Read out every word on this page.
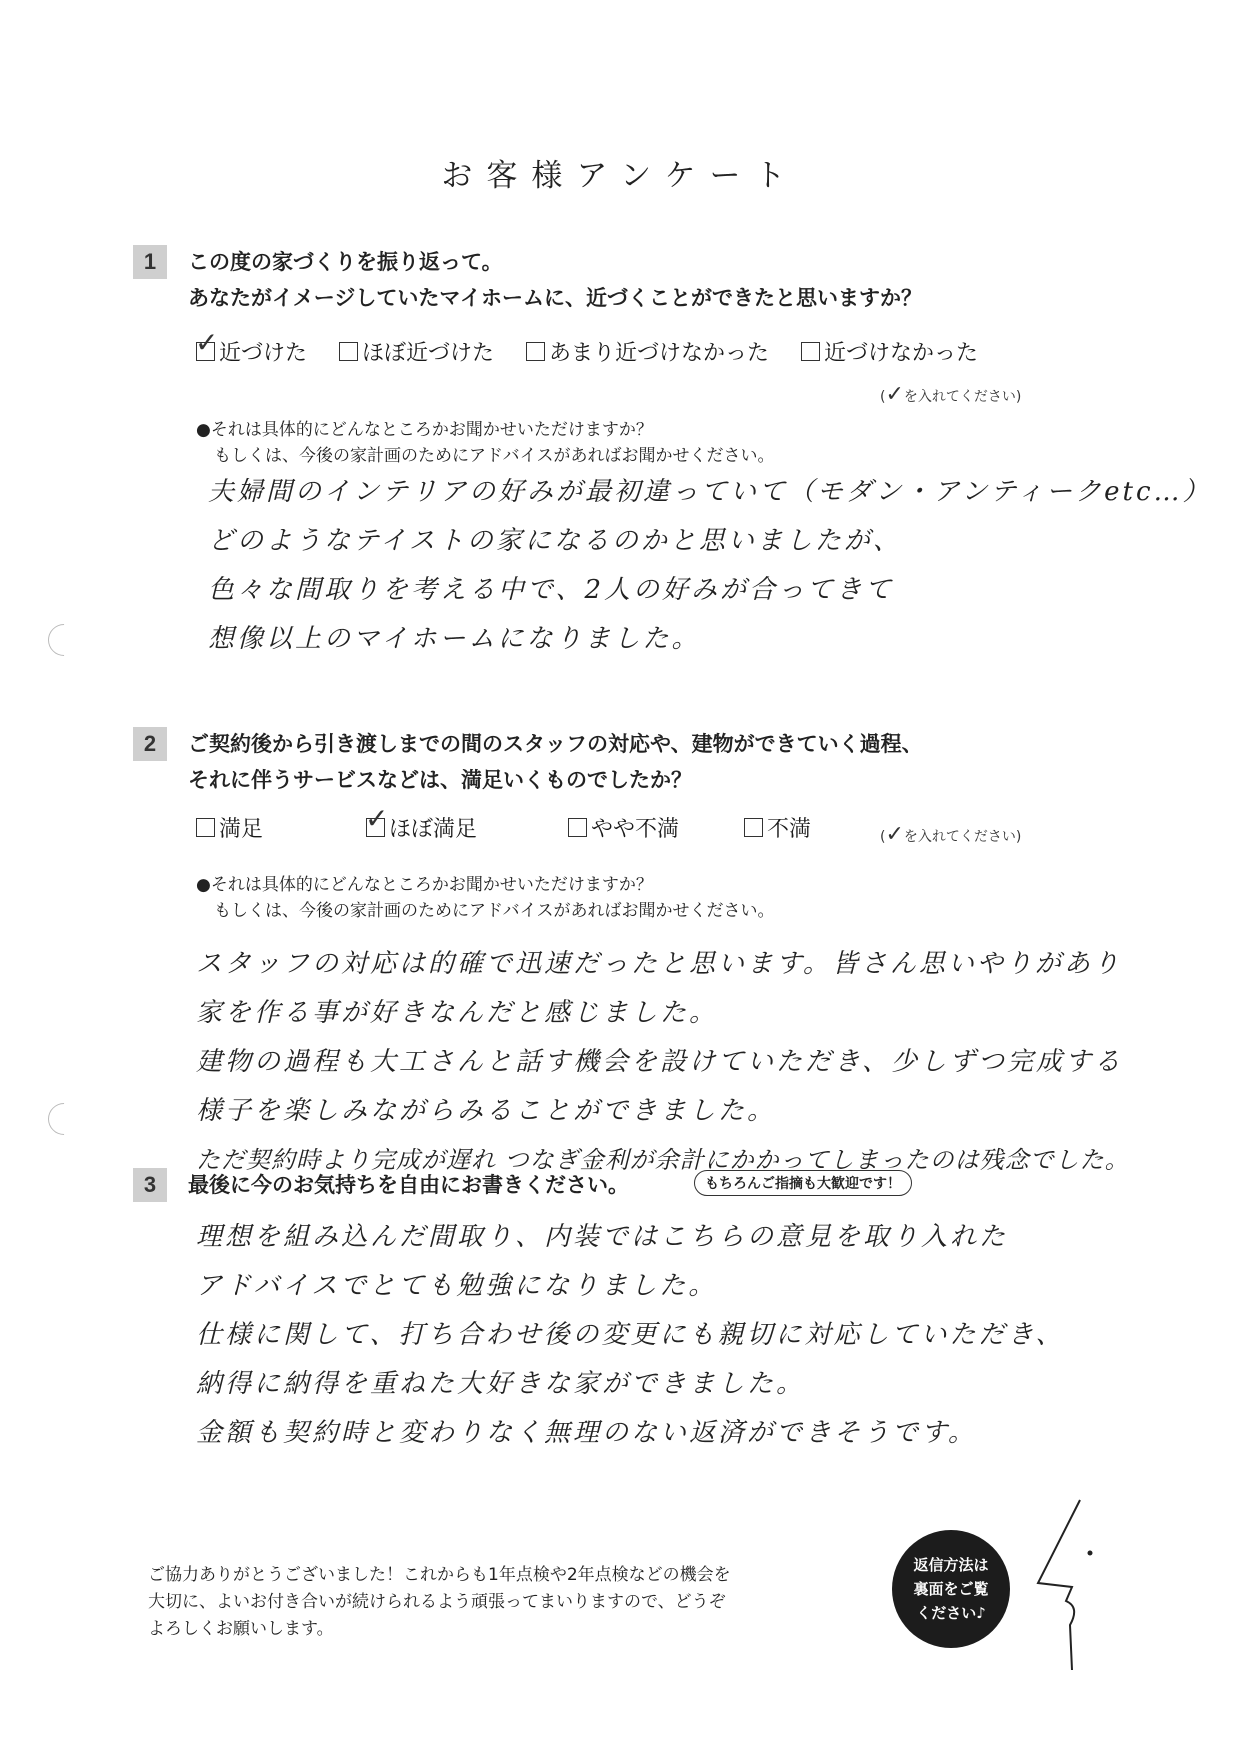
お客様アンケート
1	この度の家づくりを振り返って。
あなたがイメージしていたマイホームに、近づくことができたと思いますか？
✓ 近づけた	ほぼ近づけた	あまり近づけなかった	近づけなかった
(✓を入れてください)
●それは具体的にどんなところかお聞かせいただけますか？
もしくは、今後の家計画のためにアドバイスがあればお聞かせください。
夫婦間のインテリアの好みが最初違っていて（モダン・アンティークetc…）
どのようなテイストの家になるのかと思いましたが、
色々な間取りを考える中で、2人の好みが合ってきて
想像以上のマイホームになりました。
2	ご契約後から引き渡しまでの間のスタッフの対応や、建物ができていく過程、
それに伴うサービスなどは、満足いくものでしたか？
満足	✓ ほぼ満足	やや不満	不満	(✓を入れてください)
●それは具体的にどんなところかお聞かせいただけますか？
もしくは、今後の家計画のためにアドバイスがあればお聞かせください。
スタッフの対応は的確で迅速だったと思います。皆さん思いやりがあり
家を作る事が好きなんだと感じました。
建物の過程も大工さんと話す機会を設けていただき、少しずつ完成する
様子を楽しみながらみることができました。
ただ契約時より完成が遅れ つなぎ金利が余計にかかってしまったのは残念でした。
3	最後に今のお気持ちを自由にお書きください。	もちろんご指摘も大歓迎です！
理想を組み込んだ間取り、内装ではこちらの意見を取り入れた
アドバイスでとても勉強になりました。
仕様に関して、打ち合わせ後の変更にも親切に対応していただき、
納得に納得を重ねた大好きな家ができました。
金額も契約時と変わりなく無理のない返済ができそうです。
ご協力ありがとうございました！これからも1年点検や2年点検などの機会を
大切に、よいお付き合いが続けられるよう頑張ってまいりますので、どうぞ
よろしくお願いします。
返信方法は
裏面をご覧
ください♪
